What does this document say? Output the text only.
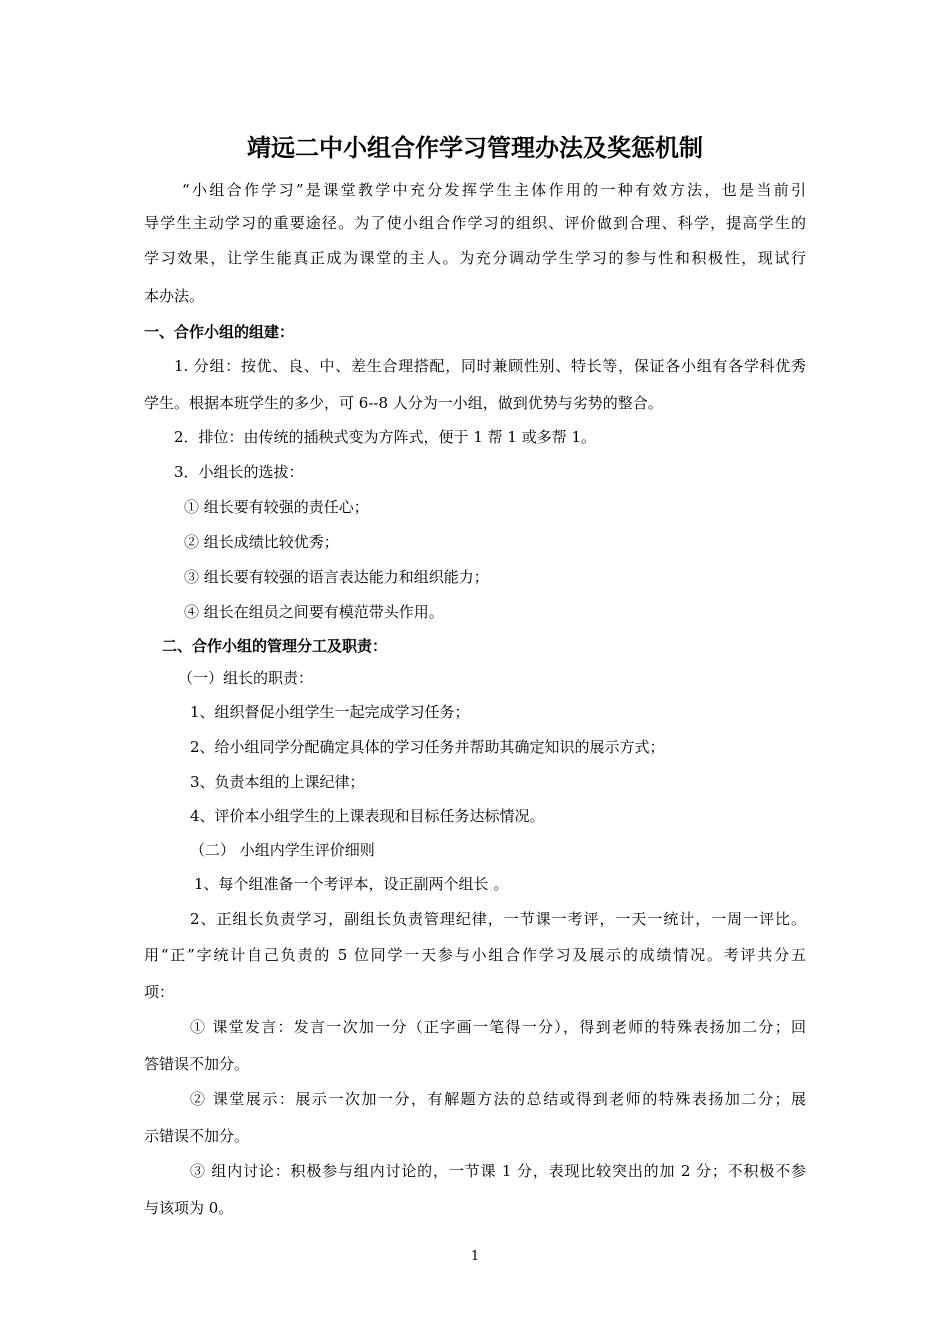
靖远二中小组合作学习管理办法及奖惩机制
“小组合作学习”是课堂教学中充分发挥学生主体作用的一种有效方法，也是当前引
导学生主动学习的重要途径。为了使小组合作学习的组织、评价做到合理、科学，提高学生的
学习效果，让学生能真正成为课堂的主人。为充分调动学生学习的参与性和积极性，现试行
本办法。
一、合作小组的组建：
1. 分组：按优、良、中、差生合理搭配，同时兼顾性别、特长等，保证各小组有各学科优秀
学生。根据本班学生的多少，可 6--8 人分为一小组，做到优势与劣势的整合。
2．排位：由传统的插秧式变为方阵式，便于 1 帮 1 或多帮 1。
3．小组长的选拔：
① 组长要有较强的责任心；
② 组长成绩比较优秀；
③ 组长要有较强的语言表达能力和组织能力；
④ 组长在组员之间要有模范带头作用。
二、合作小组的管理分工及职责：
（一）组长的职责：
1、组织督促小组学生一起完成学习任务；
2、给小组同学分配确定具体的学习任务并帮助其确定知识的展示方式；
3、负责本组的上课纪律；
4、评价本小组学生的上课表现和目标任务达标情况。
（二） 小组内学生评价细则
1、每个组准备一个考评本，设正副两个组长 。
2、正组长负责学习，副组长负责管理纪律，一节课一考评，一天一统计，一周一评比。
用“正”字统计自己负责的 5 位同学一天参与小组合作学习及展示的成绩情况。考评共分五
项：
① 课堂发言：发言一次加一分（正字画一笔得一分），得到老师的特殊表扬加二分；回
答错误不加分。
② 课堂展示：展示一次加一分，有解题方法的总结或得到老师的特殊表扬加二分；展
示错误不加分。
③ 组内讨论：积极参与组内讨论的，一节课 1 分，表现比较突出的加 2 分；不积极不参
与该项为 0。
1
